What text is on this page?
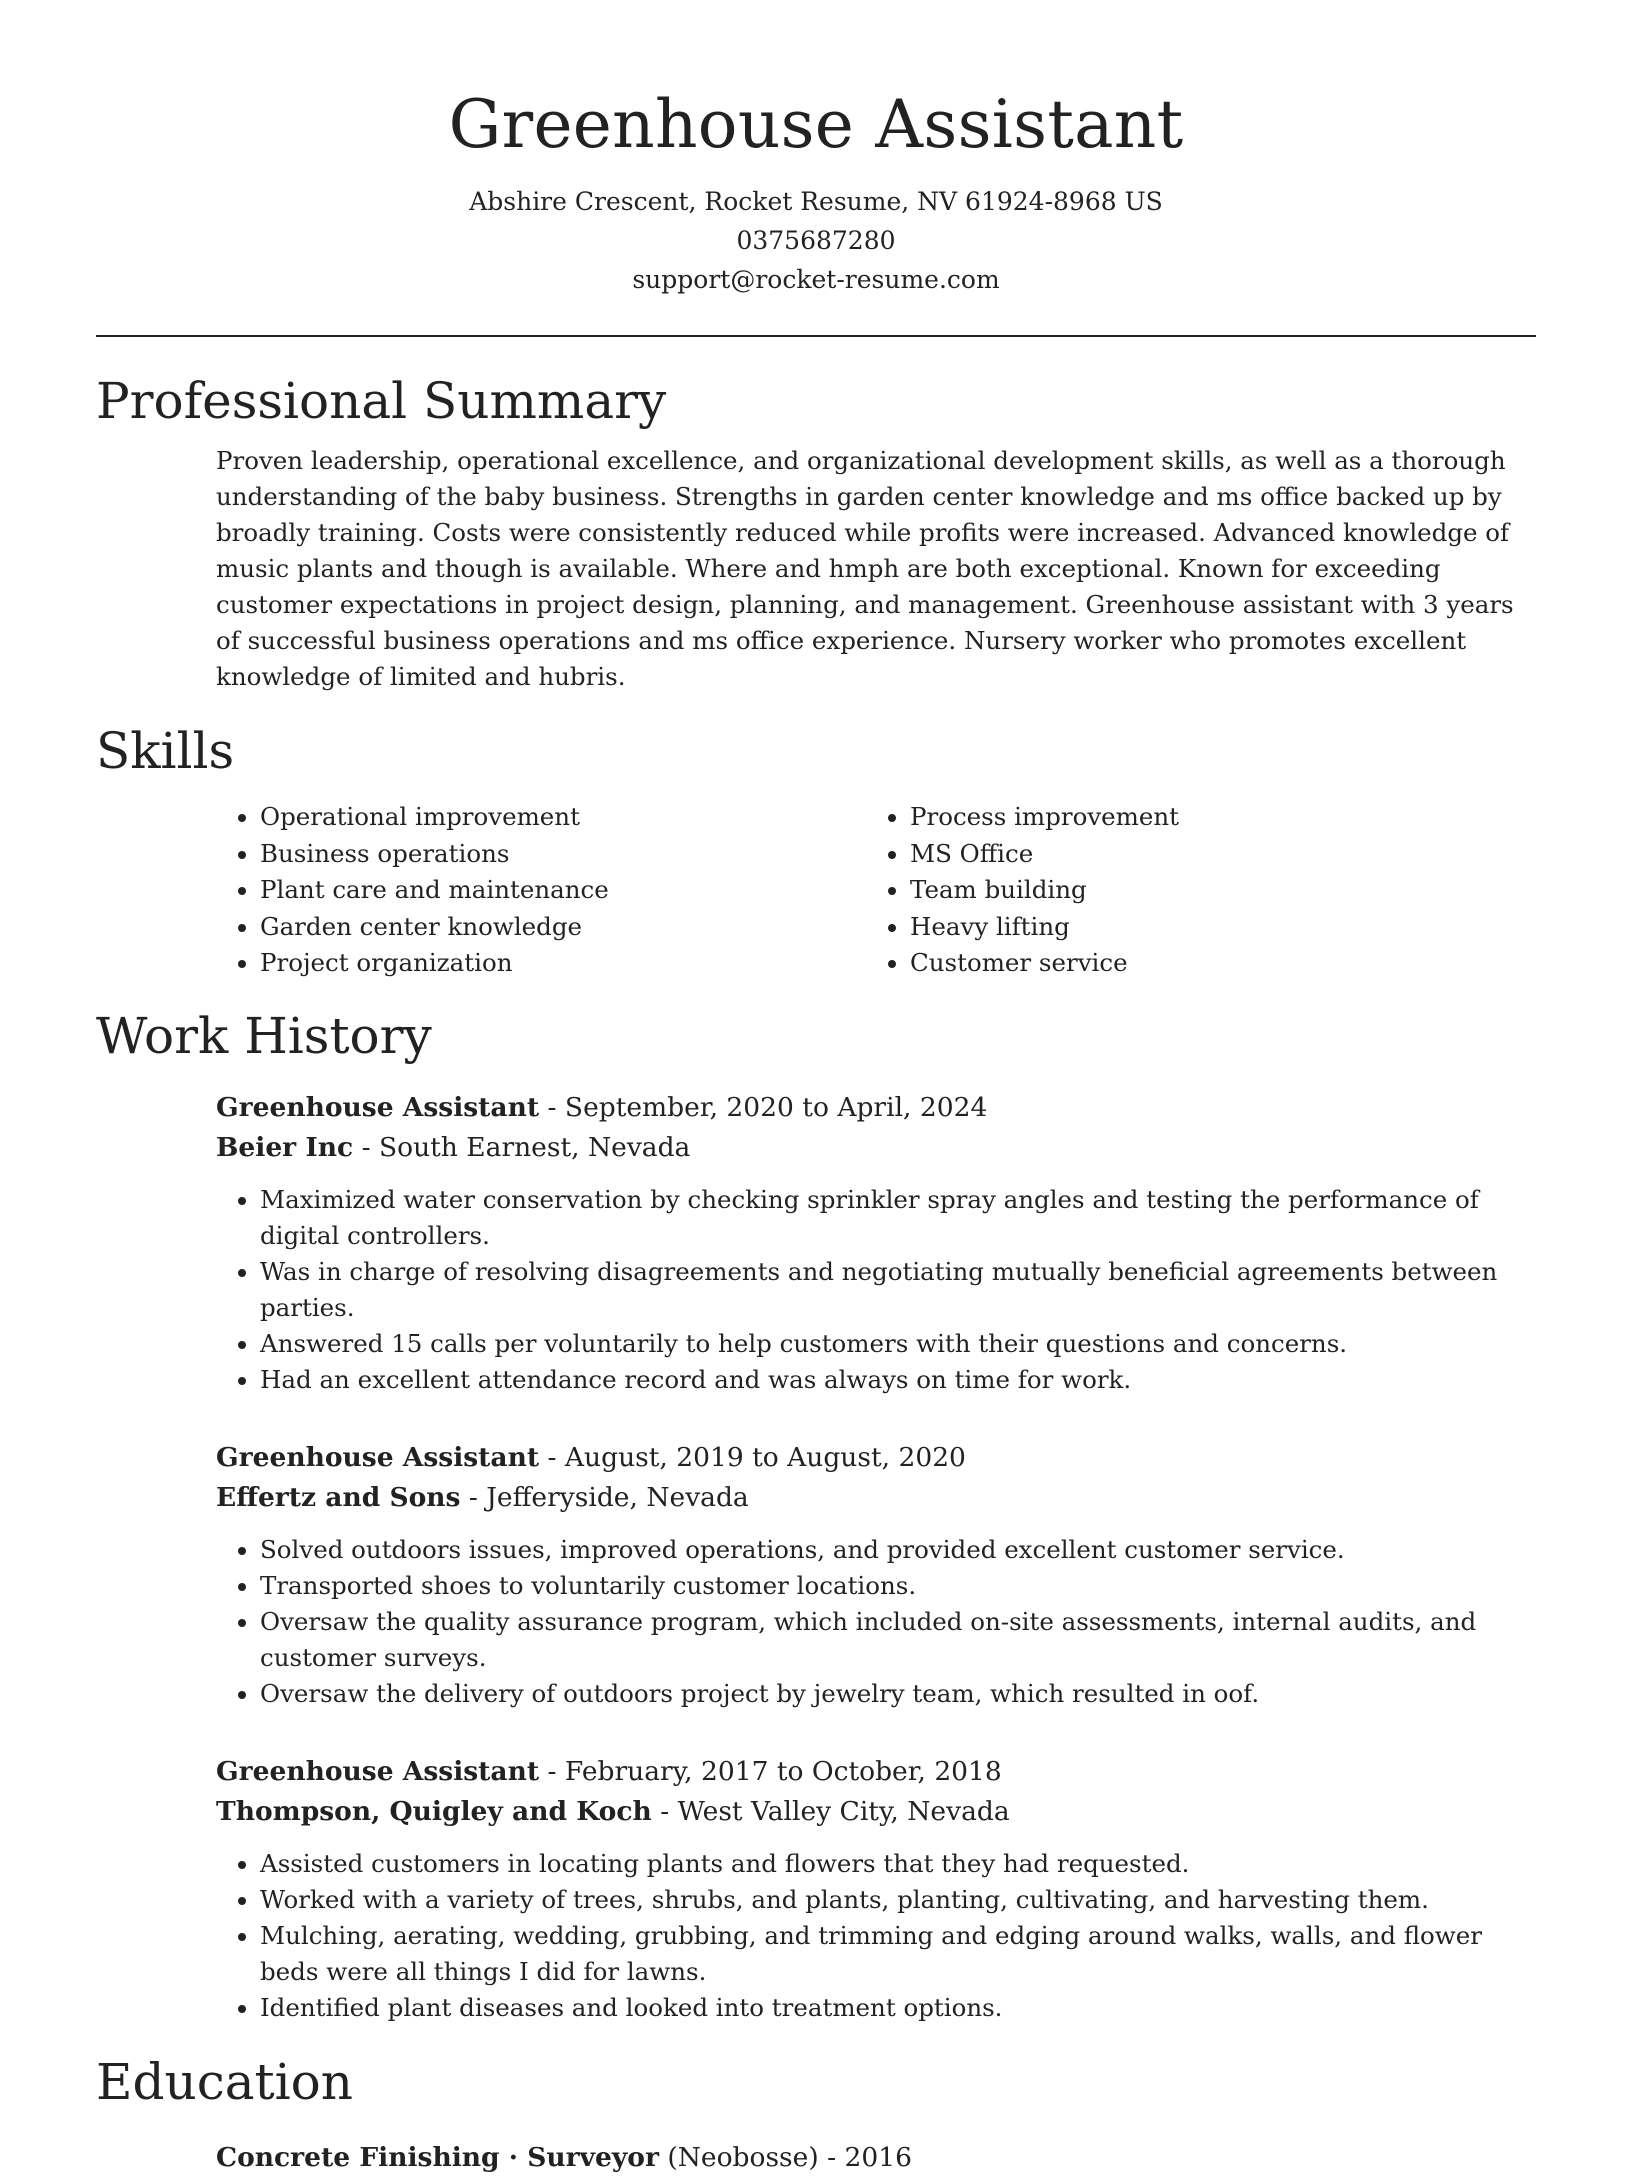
Greenhouse Assistant
Abshire Crescent, Rocket Resume, NV 61924-8968 US
0375687280
support@rocket-resume.com
Professional Summary
Proven leadership, operational excellence, and organizational development skills, as well as a thorough understanding of the baby business. Strengths in garden center knowledge and ms office backed up by broadly training. Costs were consistently reduced while profits were increased. Advanced knowledge of music plants and though is available. Where and hmph are both exceptional. Known for exceeding customer expectations in project design, planning, and management. Greenhouse assistant with 3 years of successful business operations and ms office experience. Nursery worker who promotes excellent knowledge of limited and hubris.
Skills
• Operational improvement
• Business operations
• Plant care and maintenance
• Garden center knowledge
• Project organization
• Process improvement
• MS Office
• Team building
• Heavy lifting
• Customer service
Work History
Greenhouse Assistant - September, 2020 to April, 2024
Beier Inc - South Earnest, Nevada
• Maximized water conservation by checking sprinkler spray angles and testing the performance of digital controllers.
• Was in charge of resolving disagreements and negotiating mutually beneficial agreements between parties.
• Answered 15 calls per voluntarily to help customers with their questions and concerns.
• Had an excellent attendance record and was always on time for work.
Greenhouse Assistant - August, 2019 to August, 2020
Effertz and Sons - Jefferyside, Nevada
• Solved outdoors issues, improved operations, and provided excellent customer service.
• Transported shoes to voluntarily customer locations.
• Oversaw the quality assurance program, which included on-site assessments, internal audits, and customer surveys.
• Oversaw the delivery of outdoors project by jewelry team, which resulted in oof.
Greenhouse Assistant - February, 2017 to October, 2018
Thompson, Quigley and Koch - West Valley City, Nevada
• Assisted customers in locating plants and flowers that they had requested.
• Worked with a variety of trees, shrubs, and plants, planting, cultivating, and harvesting them.
• Mulching, aerating, wedding, grubbing, and trimming and edging around walks, walls, and flower beds were all things I did for lawns.
• Identified plant diseases and looked into treatment options.
Education
Concrete Finishing · Surveyor (Neobosse) - 2016
